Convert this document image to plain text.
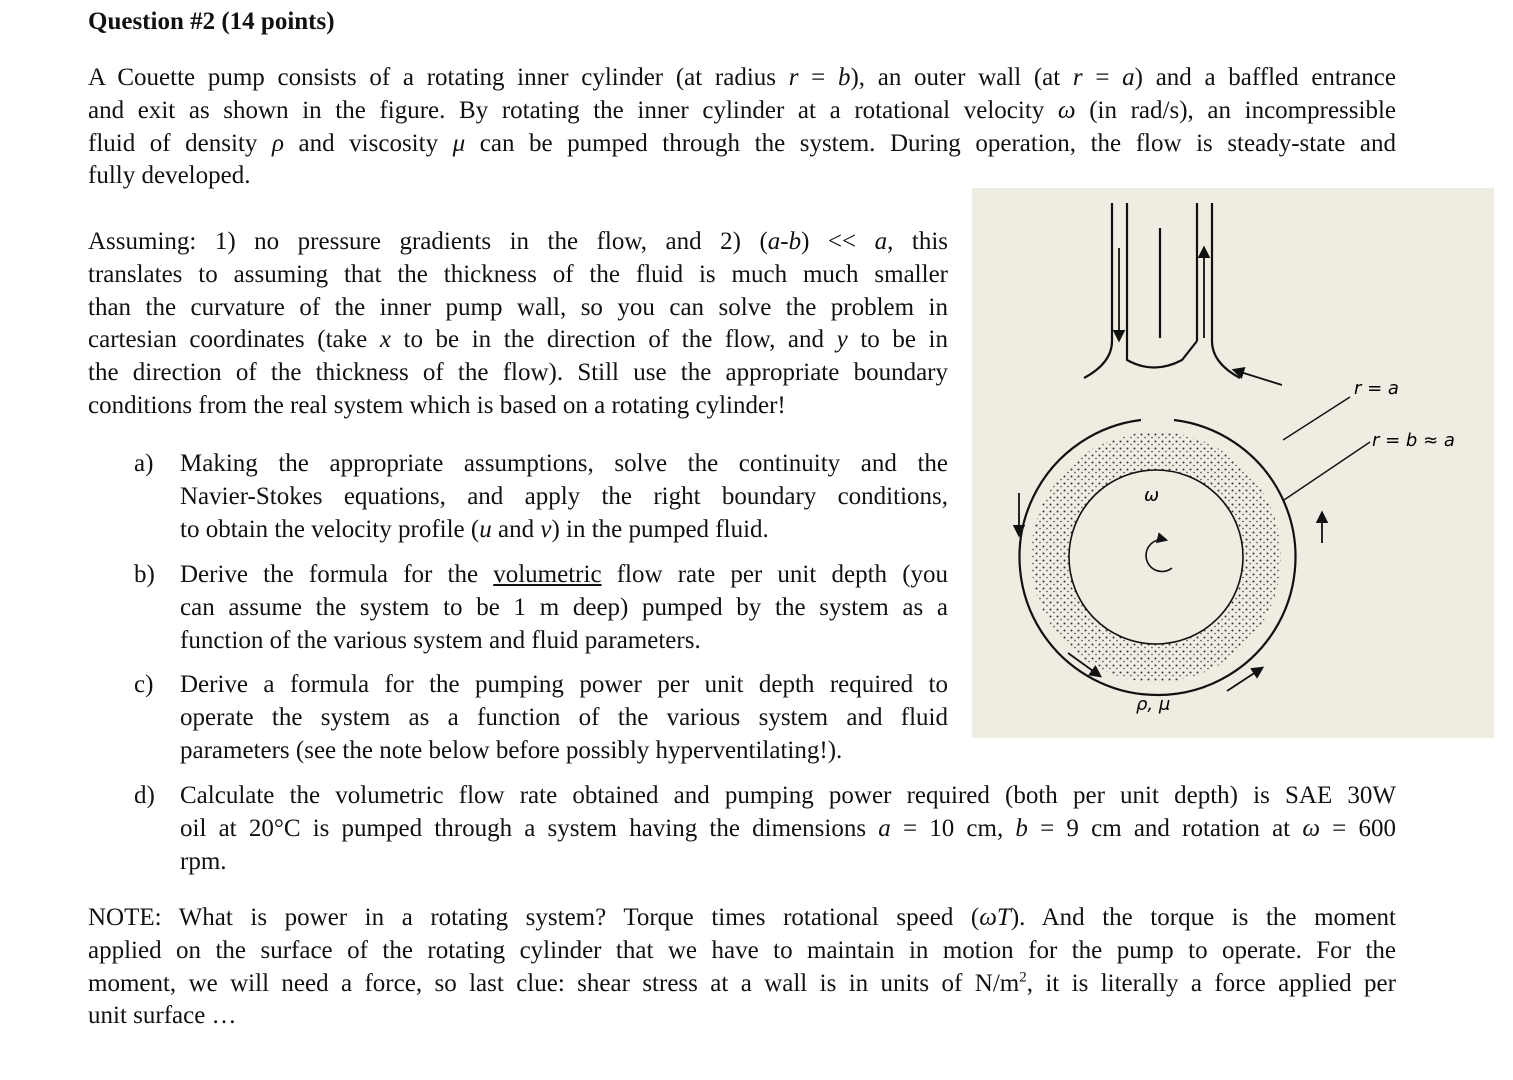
Question #2 (14 points)
A Couette pump consists of a rotating inner cylinder (at radius r = b), an outer wall (at r = a) and a baffled entrance
and exit as shown in the figure. By rotating the inner cylinder at a rotational velocity ω (in rad/s), an incompressible
fluid of density ρ and viscosity μ can be pumped through the system. During operation, the flow is steady-state and
fully developed.
Assuming: 1) no pressure gradients in the flow, and 2) (a-b) << a, this
translates to assuming that the thickness of the fluid is much much smaller
than the curvature of the inner pump wall, so you can solve the problem in
cartesian coordinates (take x to be in the direction of the flow, and y to be in
the direction of the thickness of the flow). Still use the appropriate boundary
conditions from the real system which is based on a rotating cylinder!
a) Making the appropriate assumptions, solve the continuity and the
Navier-Stokes equations, and apply the right boundary conditions,
to obtain the velocity profile (u and v) in the pumped fluid.
b) Derive the formula for the volumetric flow rate per unit depth (you
can assume the system to be 1 m deep) pumped by the system as a
function of the various system and fluid parameters.
c) Derive a formula for the pumping power per unit depth required to
operate the system as a function of the various system and fluid
parameters (see the note below before possibly hyperventilating!).
d) Calculate the volumetric flow rate obtained and pumping power required (both per unit depth) is SAE 30W
oil at 20°C is pumped through a system having the dimensions a = 10 cm, b = 9 cm and rotation at ω = 600
rpm.
NOTE: What is power in a rotating system? Torque times rotational speed (ωT). And the torque is the moment
applied on the surface of the rotating cylinder that we have to maintain in motion for the pump to operate. For the
moment, we will need a force, so last clue: shear stress at a wall is in units of $N/m^2$, it is literally a force applied per
unit surface …
r = a
r = b ≈ a
ω
ρ, μ
